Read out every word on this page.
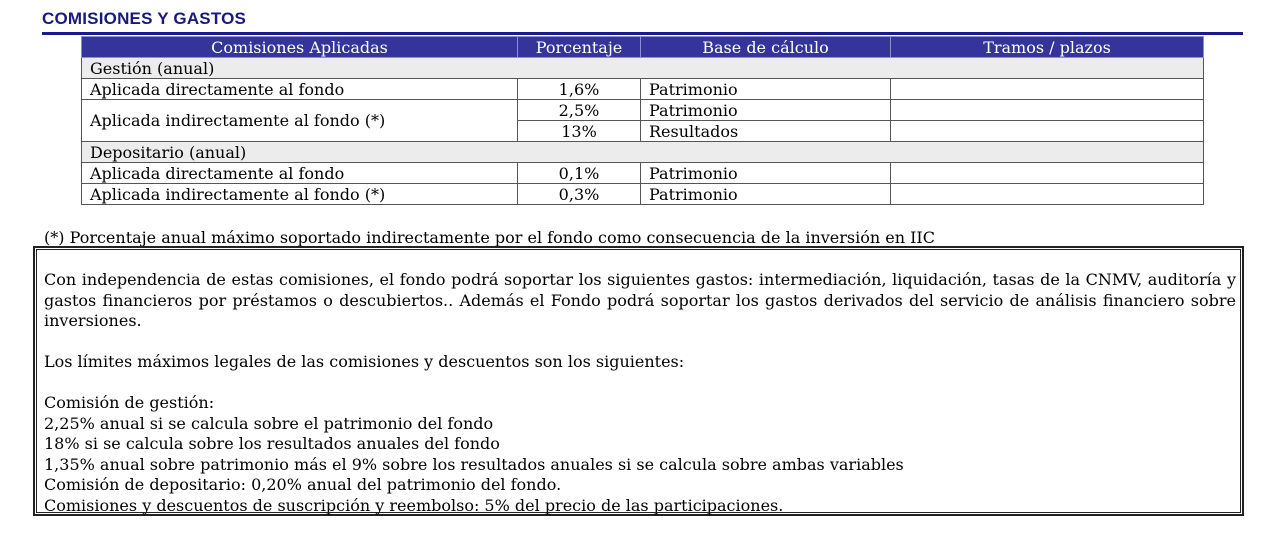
COMISIONES Y GASTOS
Comisiones Aplicadas	Porcentaje	Base de cálculo	Tramos / plazos
Gestión (anual)			
Aplicada directamente al fondo	1,6%	Patrimonio	
Aplicada indirectamente al fondo (*)	2,5%	Patrimonio	
	13%	Resultados	
Depositario (anual)			
Aplicada directamente al fondo	0,1%	Patrimonio	
Aplicada indirectamente al fondo (*)	0,3%	Patrimonio	
(*) Porcentaje anual máximo soportado indirectamente por el fondo como consecuencia de la inversión en IIC

Con independencia de estas comisiones, el fondo podrá soportar los siguientes gastos: intermediación, liquidación, tasas de la CNMV, auditoría y gastos financieros por préstamos o descubiertos.. Además el Fondo podrá soportar los gastos derivados del servicio de análisis financiero sobre inversiones.

Los límites máximos legales de las comisiones y descuentos son los siguientes:

Comisión de gestión:

2,25% anual si se calcula sobre el patrimonio del fondo

18% si se calcula sobre los resultados anuales del fondo

1,35% anual sobre patrimonio más el 9% sobre los resultados anuales si se calcula sobre ambas variables

Comisión de depositario: 0,20% anual del patrimonio del fondo.

Comisiones y descuentos de suscripción y reembolso: 5% del precio de las participaciones.
